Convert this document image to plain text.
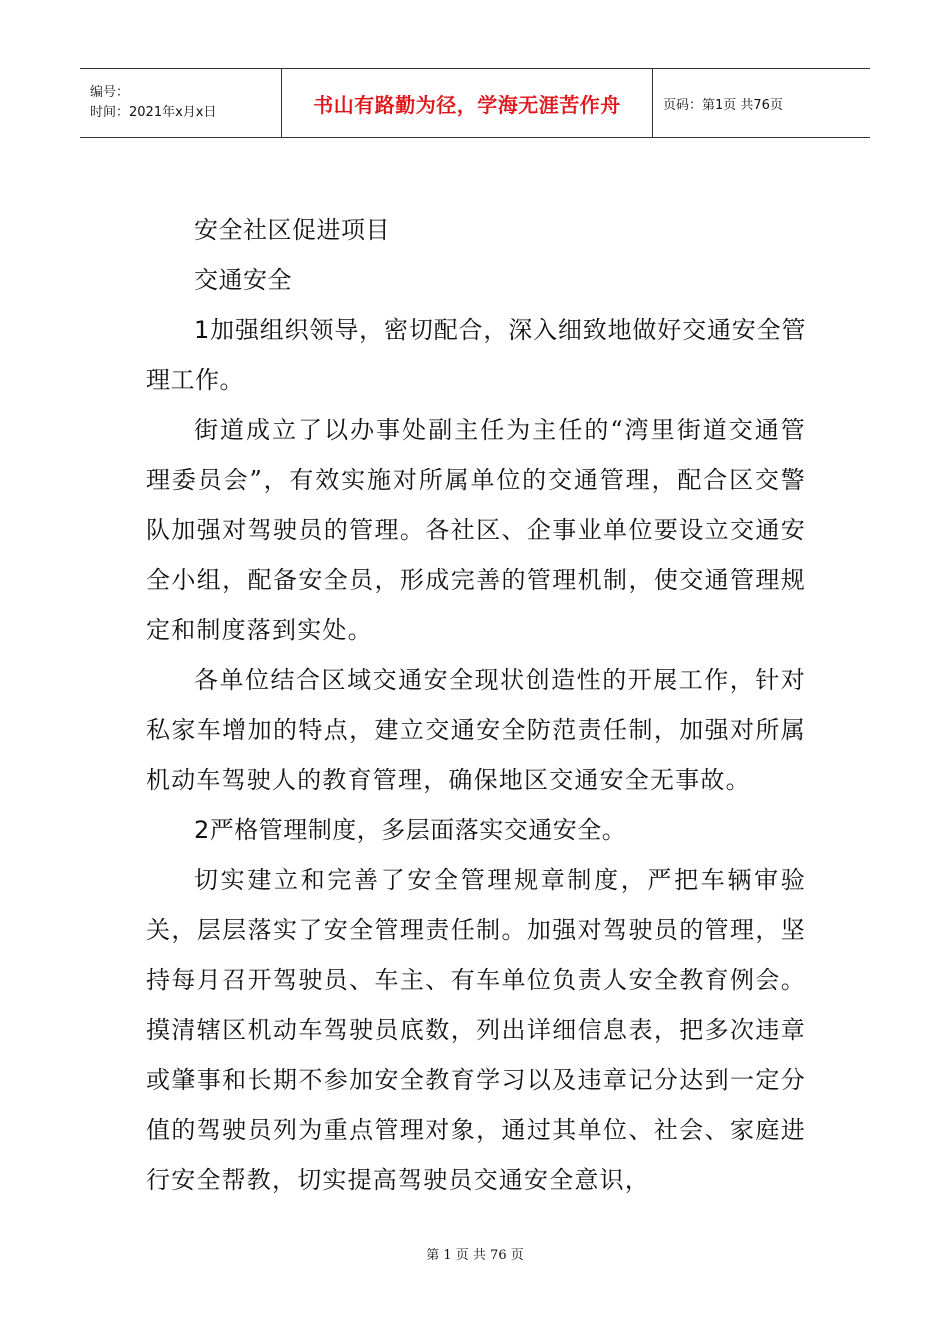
编号：
时间：2021年x月x日	书山有路勤为径，学海无涯苦作舟	页码：第1页 共76页

安全社区促进项目

交通安全

1加强组织领导，密切配合，深入细致地做好交通安全管理工作。

街道成立了以办事处副主任为主任的“湾里街道交通管理委员会”，有效实施对所属单位的交通管理，配合区交警队加强对驾驶员的管理。各社区、企事业单位要设立交通安全小组，配备安全员，形成完善的管理机制，使交通管理规定和制度落到实处。

各单位结合区域交通安全现状创造性的开展工作，针对私家车增加的特点，建立交通安全防范责任制，加强对所属机动车驾驶人的教育管理，确保地区交通安全无事故。

2严格管理制度，多层面落实交通安全。

切实建立和完善了安全管理规章制度，严把车辆审验关，层层落实了安全管理责任制。加强对驾驶员的管理，坚持每月召开驾驶员、车主、有车单位负责人安全教育例会。摸清辖区机动车驾驶员底数，列出详细信息表，把多次违章或肇事和长期不参加安全教育学习以及违章记分达到一定分值的驾驶员列为重点管理对象，通过其单位、社会、家庭进行安全帮教，切实提高驾驶员交通安全意识，

第 1 页 共 76 页
